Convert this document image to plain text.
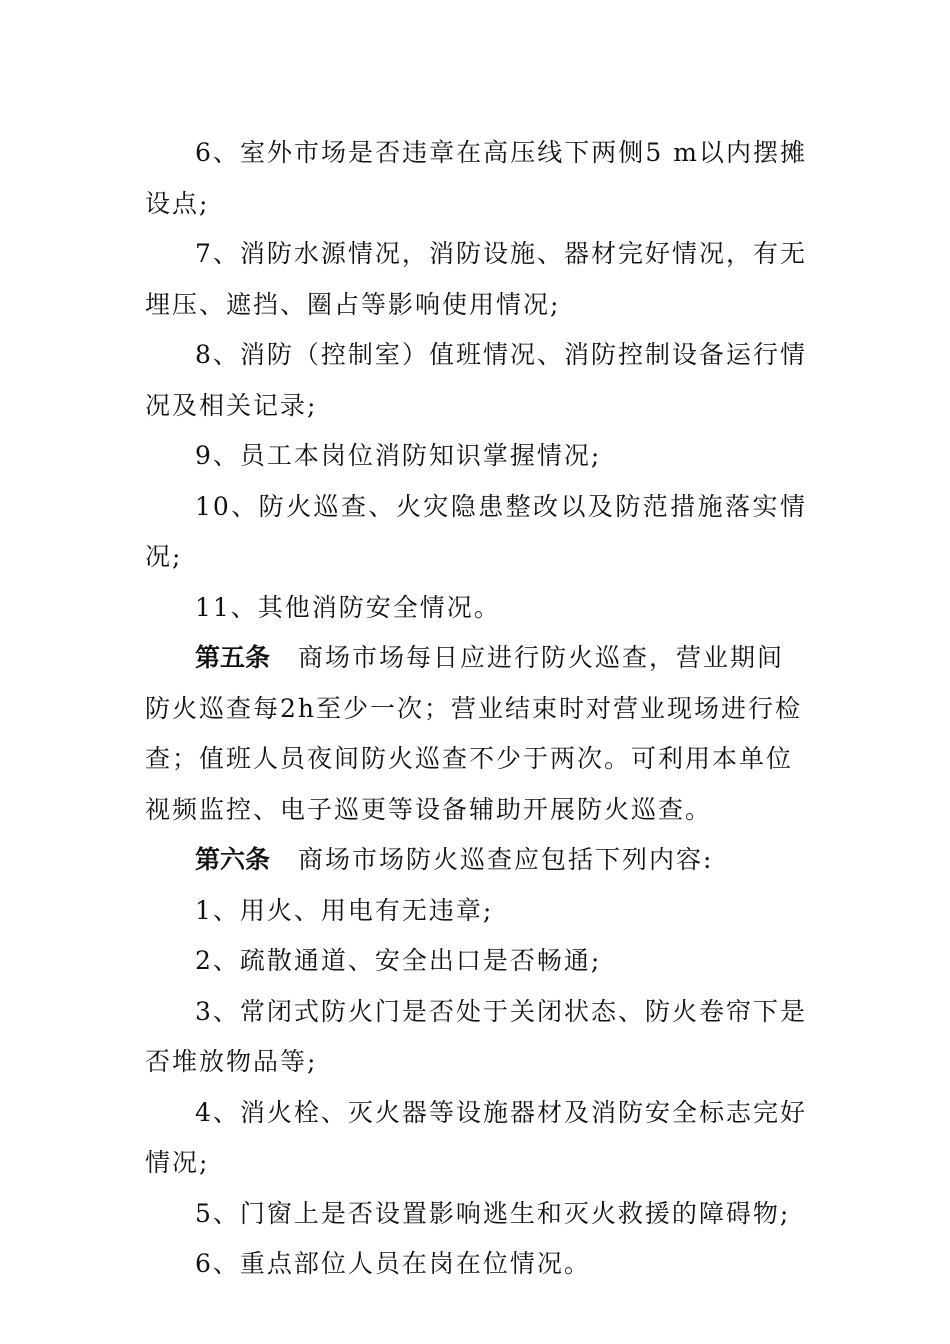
6、室外市场是否违章在高压线下两侧5 m以内摆摊设点;

7、消防水源情况，消防设施、器材完好情况，有无埋压、遮挡、圈占等影响使用情况;

8、消防（控制室）值班情况、消防控制设备运行情况及相关记录;

9、员工本岗位消防知识掌握情况;

10、防火巡查、火灾隐患整改以及防范措施落实情况;

11、其他消防安全情况。

第五条 商场市场每日应进行防火巡查，营业期间防火巡查每2h至少一次；营业结束时对营业现场进行检查；值班人员夜间防火巡查不少于两次。可利用本单位视频监控、电子巡更等设备辅助开展防火巡查。

第六条 商场市场防火巡查应包括下列内容:

1、用火、用电有无违章;

2、疏散通道、安全出口是否畅通;

3、常闭式防火门是否处于关闭状态、防火卷帘下是否堆放物品等;

4、消火栓、灭火器等设施器材及消防安全标志完好情况;

5、门窗上是否设置影响逃生和灭火救援的障碍物;

6、重点部位人员在岗在位情况。
